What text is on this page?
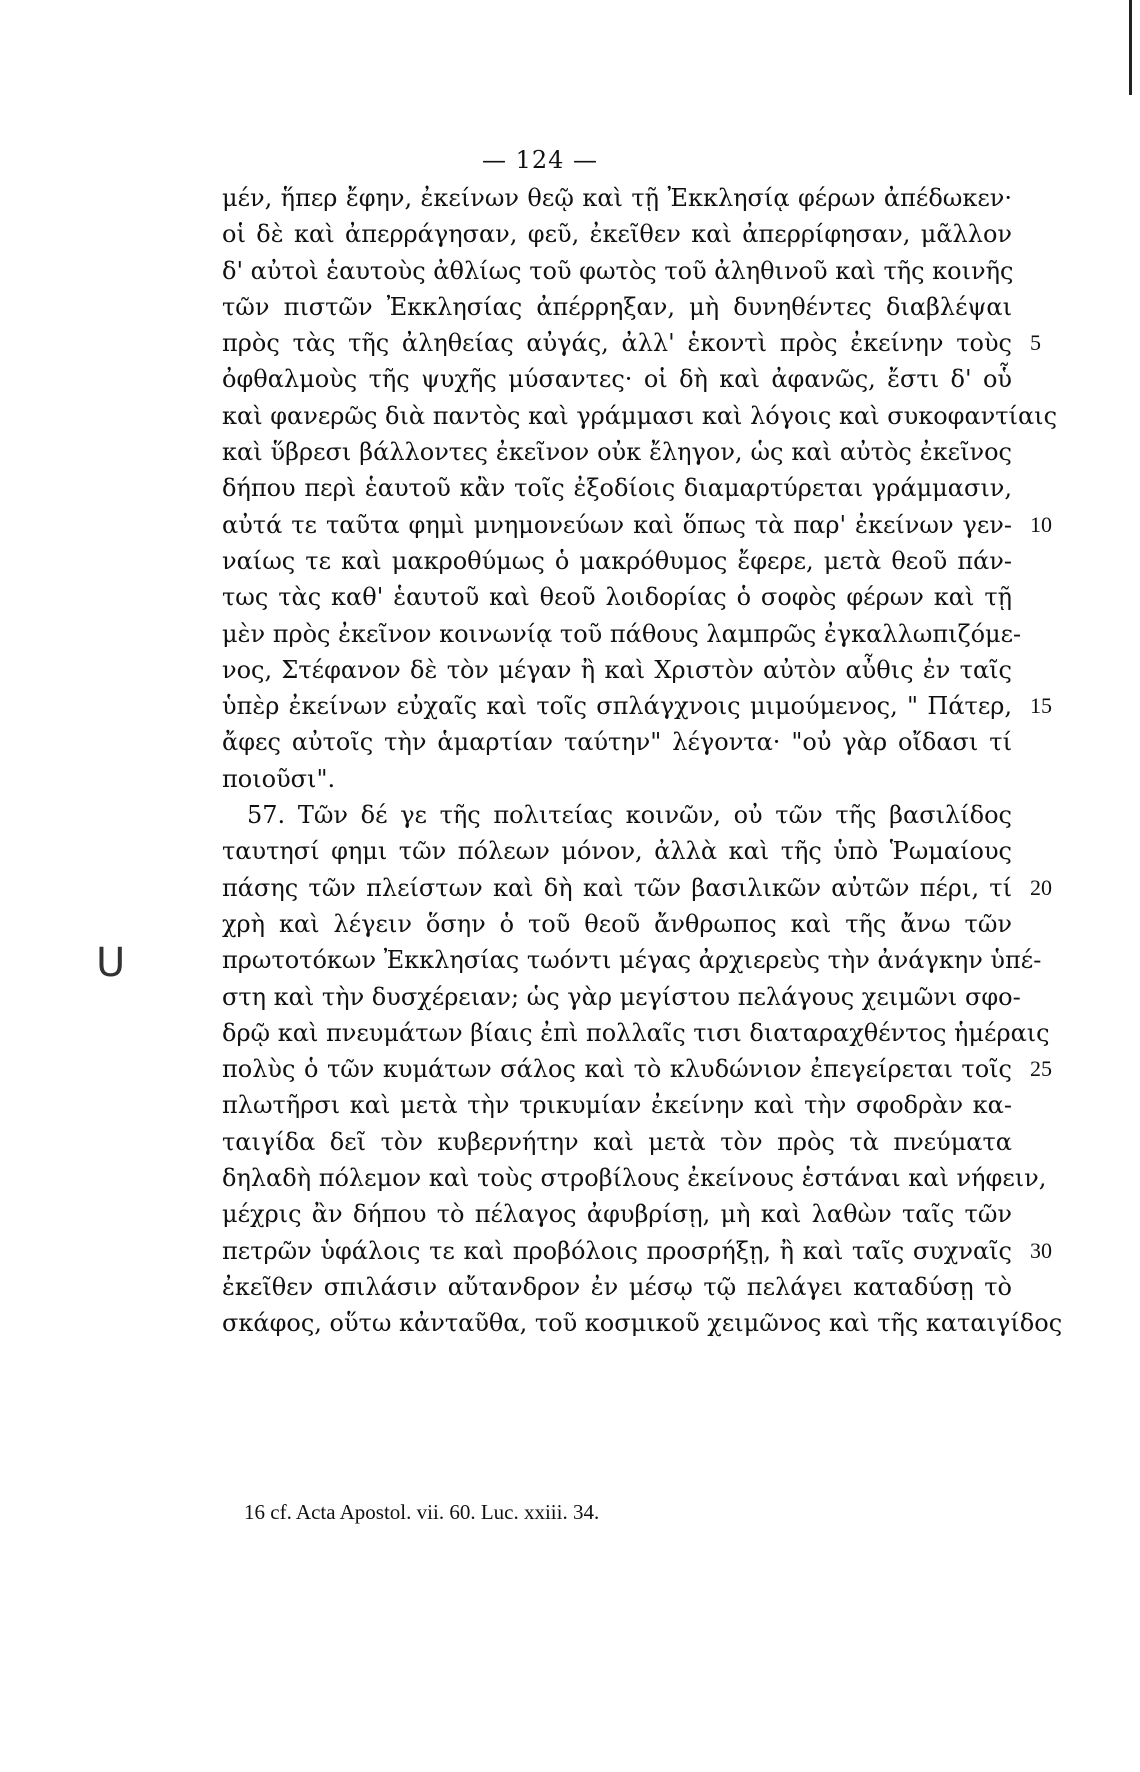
— 124 —
U
μέν, ἥπερ ἔφην, ἐκείνων θεῷ καὶ τῇ Ἐκκλησίᾳ φέρων ἀπέδωκεν·
οἱ δὲ καὶ ἀπερράγησαν, φεῦ, ἐκεῖθεν καὶ ἀπερρίφησαν, μᾶλλον
δ' αὐτοὶ ἑαυτοὺς ἀθλίως τοῦ φωτὸς τοῦ ἀληθινοῦ καὶ τῆς κοινῆς
τῶν πιστῶν Ἐκκλησίας ἀπέρρηξαν, μὴ δυνηθέντες διαβλέψαι
πρὸς τὰς τῆς ἀληθείας αὐγάς, ἀλλ' ἑκοντὶ πρὸς ἐκείνην τοὺς 5
ὀφθαλμοὺς τῆς ψυχῆς μύσαντες· οἱ δὴ καὶ ἀφανῶς, ἔστι δ' οὗ
καὶ φανερῶς διὰ παντὸς καὶ γράμμασι καὶ λόγοις καὶ συκοφαντίαις
καὶ ὕβρεσι βάλλοντες ἐκεῖνον οὐκ ἔληγον, ὡς καὶ αὐτὸς ἐκεῖνος
δήπου περὶ ἑαυτοῦ κἂν τοῖς ἐξοδίοις διαμαρτύρεται γράμμασιν,
αὐτά τε ταῦτα φημὶ μνημονεύων καὶ ὅπως τὰ παρ' ἐκείνων γεν- 10
ναίως τε καὶ μακροθύμως ὁ μακρόθυμος ἔφερε, μετὰ θεοῦ πάν-
τως τὰς καθ' ἑαυτοῦ καὶ θεοῦ λοιδορίας ὁ σοφὸς φέρων καὶ τῇ
μὲν πρὸς ἐκεῖνον κοινωνίᾳ τοῦ πάθους λαμπρῶς ἐγκαλλωπιζόμε-
νος, Στέφανον δὲ τὸν μέγαν ἢ καὶ Χριστὸν αὐτὸν αὖθις ἐν ταῖς
ὑπὲρ ἐκείνων εὐχαῖς καὶ τοῖς σπλάγχνοις μιμούμενος, " Πάτερ, 15
ἄφες αὐτοῖς τὴν ἁμαρτίαν ταύτην" λέγοντα· "οὐ γὰρ οἴδασι τί
ποιοῦσι".
57. Τῶν δέ γε τῆς πολιτείας κοινῶν, οὐ τῶν τῆς βασιλίδος
ταυτησί φημι τῶν πόλεων μόνον, ἀλλὰ καὶ τῆς ὑπὸ Ῥωμαίους
πάσης τῶν πλείστων καὶ δὴ καὶ τῶν βασιλικῶν αὐτῶν πέρι, τί 20
χρὴ καὶ λέγειν ὅσην ὁ τοῦ θεοῦ ἄνθρωπος καὶ τῆς ἄνω τῶν
πρωτοτόκων Ἐκκλησίας τωόντι μέγας ἀρχιερεὺς τὴν ἀνάγκην ὑπέ-
στη καὶ τὴν δυσχέρειαν; ὡς γὰρ μεγίστου πελάγους χειμῶνι σφο-
δρῷ καὶ πνευμάτων βίαις ἐπὶ πολλαῖς τισι διαταραχθέντος ἡμέραις
πολὺς ὁ τῶν κυμάτων σάλος καὶ τὸ κλυδώνιον ἐπεγείρεται τοῖς 25
πλωτῆρσι καὶ μετὰ τὴν τρικυμίαν ἐκείνην καὶ τὴν σφοδρὰν κα-
ταιγίδα δεῖ τὸν κυβερνήτην καὶ μετὰ τὸν πρὸς τὰ πνεύματα
δηλαδὴ πόλεμον καὶ τοὺς στροβίλους ἐκείνους ἑστάναι καὶ νήφειν,
μέχρις ἂν δήπου τὸ πέλαγος ἀφυβρίσῃ, μὴ καὶ λαθὼν ταῖς τῶν
πετρῶν ὑφάλοις τε καὶ προβόλοις προσρήξῃ, ἢ καὶ ταῖς συχναῖς 30
ἐκεῖθεν σπιλάσιν αὔτανδρον ἐν μέσῳ τῷ πελάγει καταδύσῃ τὸ
σκάφος, οὕτω κἀνταῦθα, τοῦ κοσμικοῦ χειμῶνος καὶ τῆς καταιγίδος
16 cf. Acta Apostol. vii. 60. Luc. xxiii. 34.
